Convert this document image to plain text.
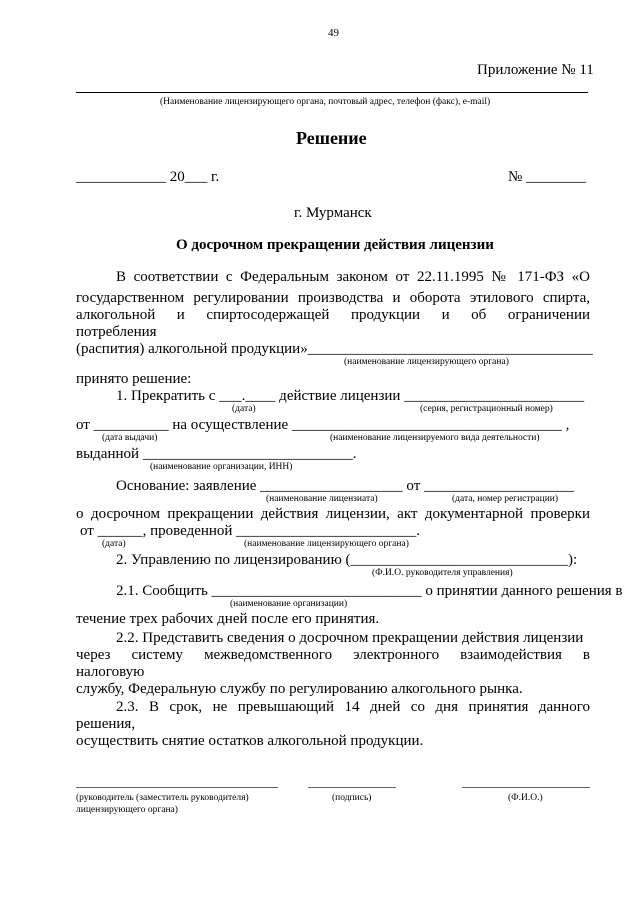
49
Приложение № 11
(Наименование лицензирующего органа, почтовый адрес, телефон (факс), e-mail)
Решение
____________ 20___ г.	№ ________
г. Мурманск
О досрочном прекращении действия лицензии
В соответствии с Федеральным законом от 22.11.1995 № 171-ФЗ «О
государственном регулировании производства и оборота этилового спирта,
алкогольной и спиртосодержащей продукции и об ограничении
потребления
(распития) алкогольной продукции»______________________________________
(наименование лицензирующего органа)
принято решение:
1. Прекратить с ___.____ действие лицензии ________________________
(дата)	(серия, регистрационный номер)
от __________ на осуществление ____________________________________ ,
(дата выдачи)	(наименование лицензируемого вида деятельности)
выданной ____________________________.
(наименование организации, ИНН)
Основание: заявление ___________________ от ____________________
(наименование лицензиата)	(дата, номер регистрации)
о досрочном прекращении действия лицензии, акт документарной проверки
от ______, проведенной ________________________.
(дата)	(наименование лицензирующего органа)
2. Управлению по лицензированию (_____________________________):
(Ф.И.О. руководителя управления)
2.1. Сообщить ____________________________ о принятии данного решения в
(наименование организации)
течение трех рабочих дней после его принятия.
2.2. Представить сведения о досрочном прекращении действия лицензии
через системy межведомственного электронного взаимодействия в
налоговую
службу, Федеральную службу по регулированию алкогольного рынка.
2.3. В срок, не превышающий 14 дней со дня принятия данного
решения,
осуществить снятие остатков алкогольной продукции.
(руководитель (заместитель руководителя)
лицензирующего органа)
(подпись)	(Ф.И.О.)
